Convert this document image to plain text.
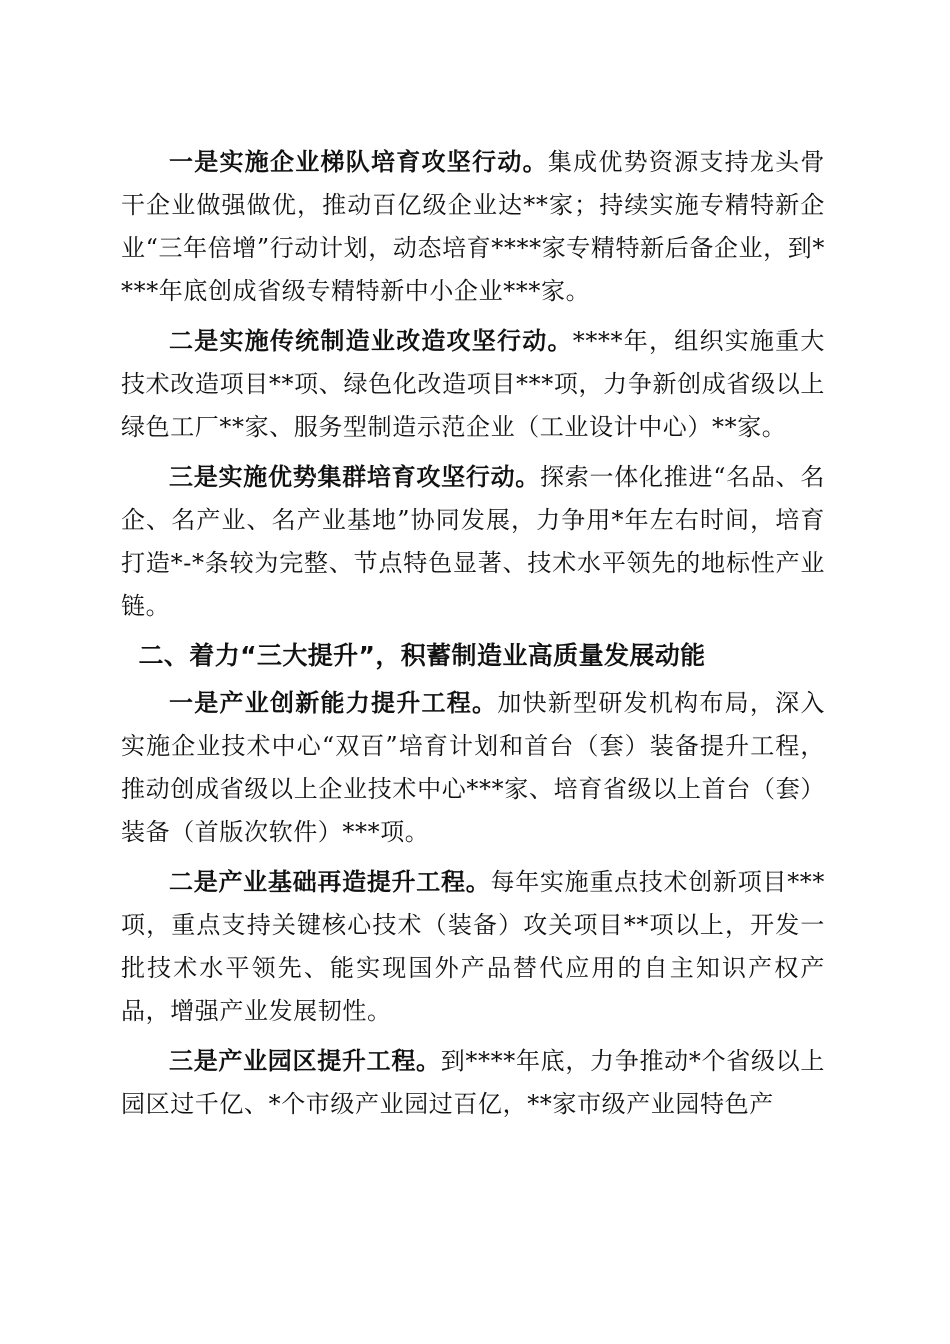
一是实施企业梯队培育攻坚行动。集成优势资源支持龙头骨干企业做强做优，推动百亿级企业达**家；持续实施专精特新企业“三年倍增”行动计划，动态培育****家专精特新后备企业，到****年底创成省级专精特新中小企业***家。

二是实施传统制造业改造攻坚行动。****年，组织实施重大技术改造项目**项、绿色化改造项目***项，力争新创成省级以上绿色工厂**家、服务型制造示范企业（工业设计中心）**家。

三是实施优势集群培育攻坚行动。探索一体化推进“名品、名企、名产业、名产业基地”协同发展，力争用*年左右时间，培育打造*-*条较为完整、节点特色显著、技术水平领先的地标性产业链。

二、着力“三大提升”，积蓄制造业高质量发展动能

一是产业创新能力提升工程。加快新型研发机构布局，深入实施企业技术中心“双百”培育计划和首台（套）装备提升工程，推动创成省级以上企业技术中心***家、培育省级以上首台（套）装备（首版次软件）***项。

二是产业基础再造提升工程。每年实施重点技术创新项目***项，重点支持关键核心技术（装备）攻关项目**项以上，开发一批技术水平领先、能实现国外产品替代应用的自主知识产权产品，增强产业发展韧性。

三是产业园区提升工程。到****年底，力争推动*个省级以上园区过千亿、*个市级产业园过百亿，**家市级产业园特色产
